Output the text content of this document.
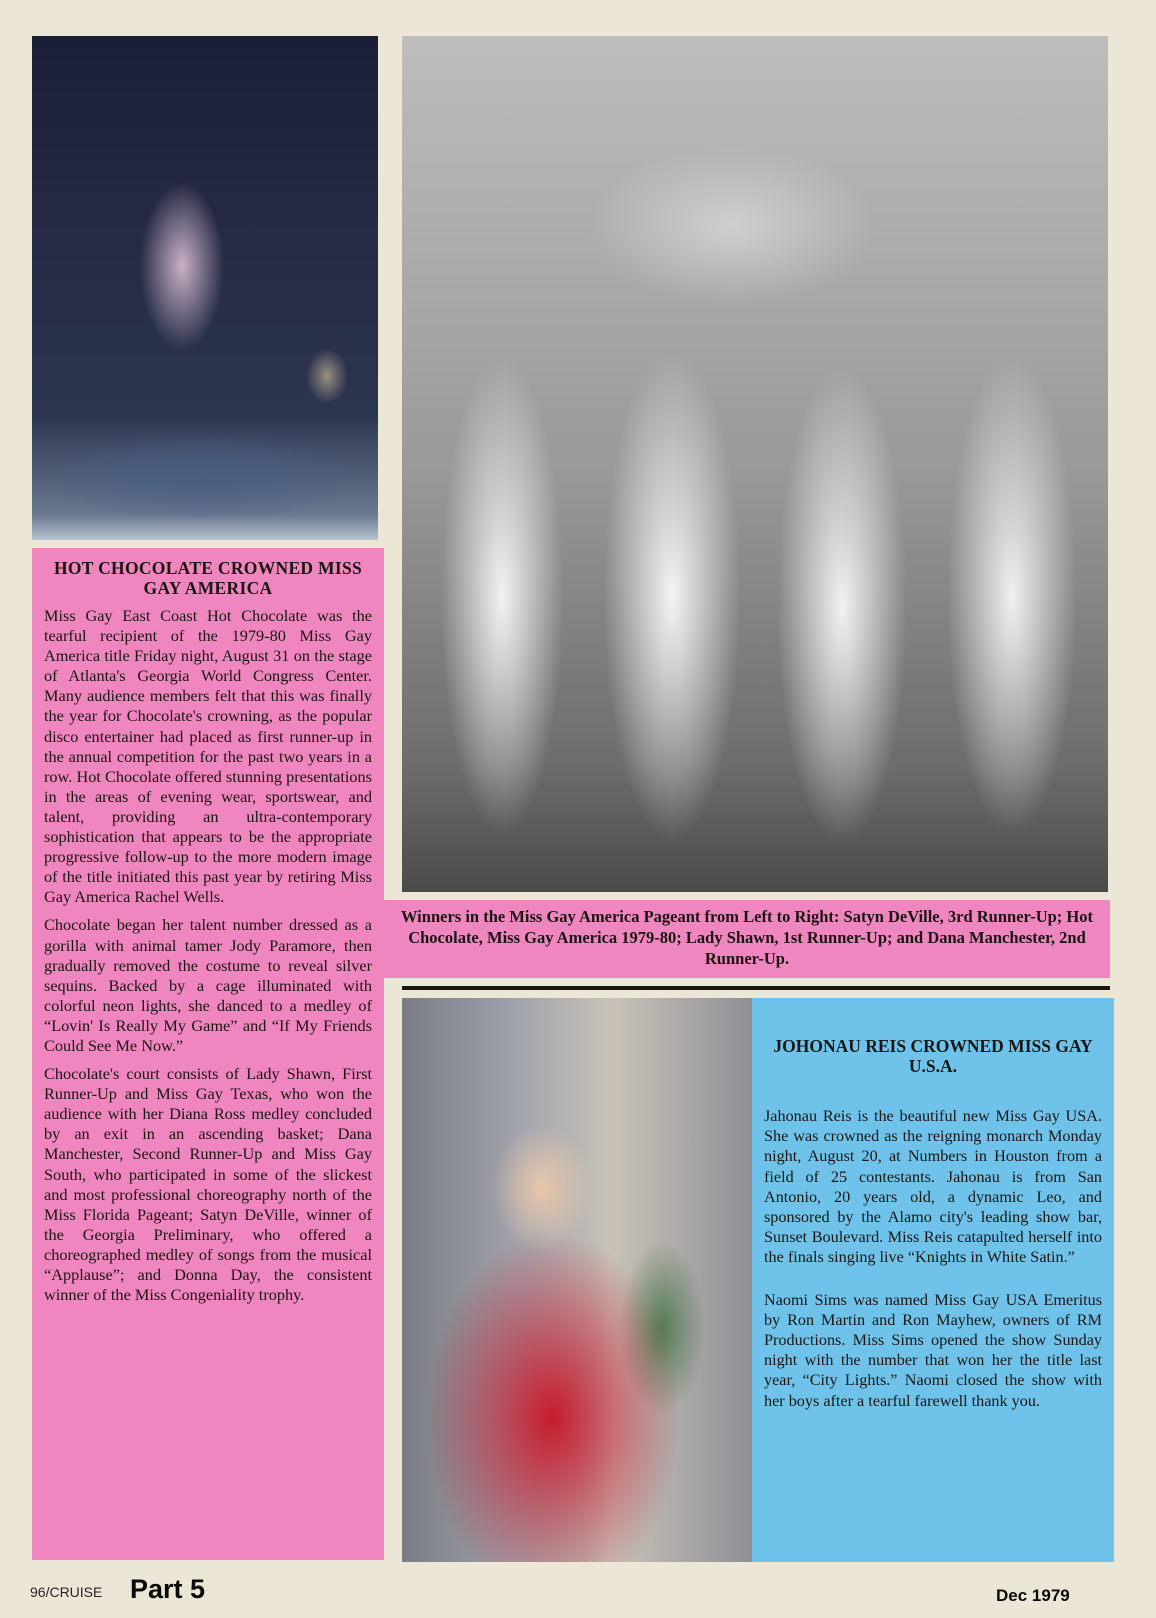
HOT CHOCOLATE CROWNED MISS GAY AMERICA

Miss Gay East Coast Hot Chocolate was the tearful recipient of the 1979-80 Miss Gay America title Friday night, August 31 on the stage of Atlanta's Georgia World Congress Center. Many audience members felt that this was finally the year for Chocolate's crowning, as the popular disco entertainer had placed as first runner-up in the annual competition for the past two years in a row. Hot Chocolate offered stunning presentations in the areas of evening wear, sportswear, and talent, providing an ultra-contemporary sophistication that appears to be the appropriate progressive follow-up to the more modern image of the title initiated this past year by retiring Miss Gay America Rachel Wells.

Chocolate began her talent number dressed as a gorilla with animal tamer Jody Paramore, then gradually removed the costume to reveal silver sequins. Backed by a cage illuminated with colorful neon lights, she danced to a medley of “Lovin' Is Really My Game” and “If My Friends Could See Me Now.”

Chocolate's court consists of Lady Shawn, First Runner-Up and Miss Gay Texas, who won the audience with her Diana Ross medley concluded by an exit in an ascending basket; Dana Manchester, Second Runner-Up and Miss Gay South, who participated in some of the slickest and most professional choreography north of the Miss Florida Pageant; Satyn DeVille, winner of the Georgia Preliminary, who offered a choreographed medley of songs from the musical “Applause”; and Donna Day, the consistent winner of the Miss Congeniality trophy.

Winners in the Miss Gay America Pageant from Left to Right: Satyn DeVille, 3rd Runner-Up; Hot Chocolate, Miss Gay America 1979-80; Lady Shawn, 1st Runner-Up; and Dana Manchester, 2nd Runner-Up.
JOHONAU REIS CROWNED MISS GAY U.S.A.

Jahonau Reis is the beautiful new Miss Gay USA. She was crowned as the reigning monarch Monday night, August 20, at Numbers in Houston from a field of 25 contestants. Jahonau is from San Antonio, 20 years old, a dynamic Leo, and sponsored by the Alamo city's leading show bar, Sunset Boulevard. Miss Reis catapulted herself into the finals singing live “Knights in White Satin.”

Naomi Sims was named Miss Gay USA Emeritus by Ron Martin and Ron Mayhew, owners of RM Productions. Miss Sims opened the show Sunday night with the number that won her the title last year, “City Lights.” Naomi closed the show with her boys after a tearful farewell thank you.

96/CRUISE Part 5	Dec 1979
